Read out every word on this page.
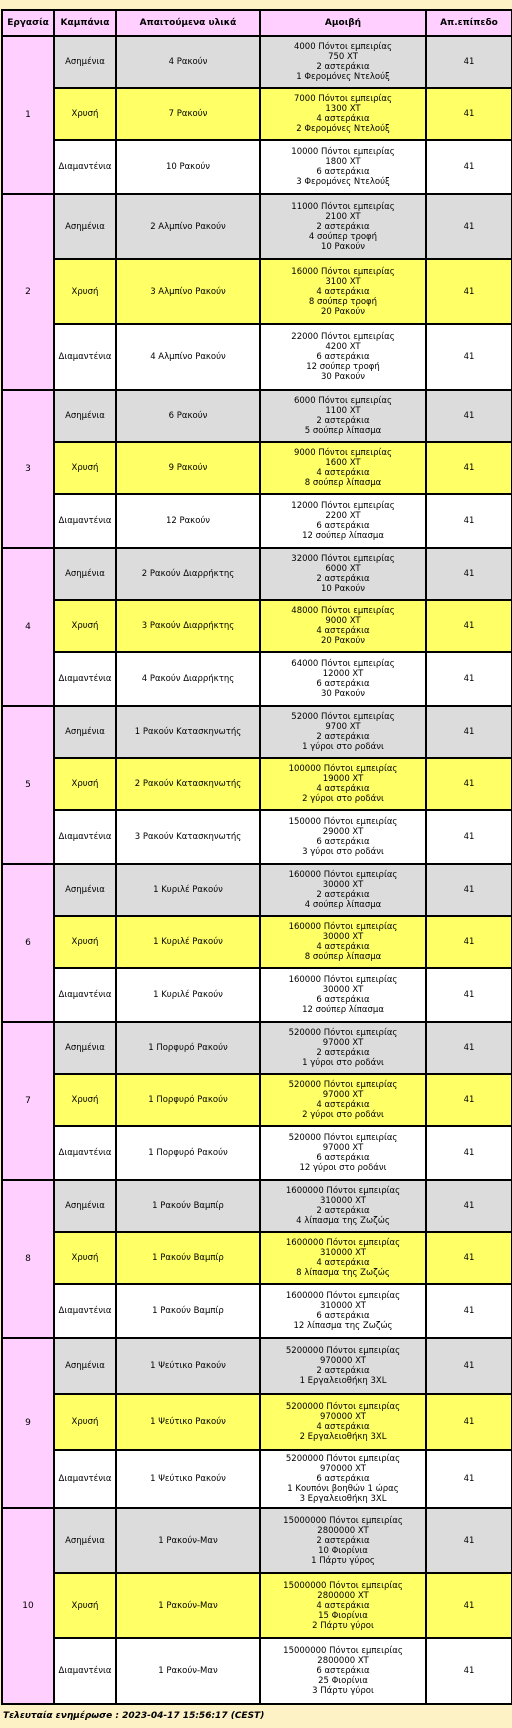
Εργασία	Καμπάνια	Απαιτούμενα υλικά	Αμοιβή	Απ.επίπεδο
1	Ασημένια	4 Ρακούν	4000 Πόντοι εμπειρίας
750 XT
2 αστεράκια
1 Φερομόνες Ντελούξ	41
	Χρυσή	7 Ρακούν	7000 Πόντοι εμπειρίας
1300 XT
4 αστεράκια
2 Φερομόνες Ντελούξ	41
	Διαμαντένια	10 Ρακούν	10000 Πόντοι εμπειρίας
1800 XT
6 αστεράκια
3 Φερομόνες Ντελούξ	41
2	Ασημένια	2 Αλμπίνο Ρακούν	11000 Πόντοι εμπειρίας
2100 XT
2 αστεράκια
4 σούπερ τροφή
10 Ρακούν	41
	Χρυσή	3 Αλμπίνο Ρακούν	16000 Πόντοι εμπειρίας
3100 XT
4 αστεράκια
8 σούπερ τροφή
20 Ρακούν	41
	Διαμαντένια	4 Αλμπίνο Ρακούν	22000 Πόντοι εμπειρίας
4200 XT
6 αστεράκια
12 σούπερ τροφή
30 Ρακούν	41
3	Ασημένια	6 Ρακούν	6000 Πόντοι εμπειρίας
1100 XT
2 αστεράκια
5 σούπερ λίπασμα	41
	Χρυσή	9 Ρακούν	9000 Πόντοι εμπειρίας
1600 XT
4 αστεράκια
8 σούπερ λίπασμα	41
	Διαμαντένια	12 Ρακούν	12000 Πόντοι εμπειρίας
2200 XT
6 αστεράκια
12 σούπερ λίπασμα	41
4	Ασημένια	2 Ρακούν Διαρρήκτης	32000 Πόντοι εμπειρίας
6000 XT
2 αστεράκια
10 Ρακούν	41
	Χρυσή	3 Ρακούν Διαρρήκτης	48000 Πόντοι εμπειρίας
9000 XT
4 αστεράκια
20 Ρακούν	41
	Διαμαντένια	4 Ρακούν Διαρρήκτης	64000 Πόντοι εμπειρίας
12000 XT
6 αστεράκια
30 Ρακούν	41
5	Ασημένια	1 Ρακούν Κατασκηνωτής	52000 Πόντοι εμπειρίας
9700 XT
2 αστεράκια
1 γύροι στο ροδάνι	41
	Χρυσή	2 Ρακούν Κατασκηνωτής	100000 Πόντοι εμπειρίας
19000 XT
4 αστεράκια
2 γύροι στο ροδάνι	41
	Διαμαντένια	3 Ρακούν Κατασκηνωτής	150000 Πόντοι εμπειρίας
29000 XT
6 αστεράκια
3 γύροι στο ροδάνι	41
6	Ασημένια	1 Κυριλέ Ρακούν	160000 Πόντοι εμπειρίας
30000 XT
2 αστεράκια
4 σούπερ λίπασμα	41
	Χρυσή	1 Κυριλέ Ρακούν	160000 Πόντοι εμπειρίας
30000 XT
4 αστεράκια
8 σούπερ λίπασμα	41
	Διαμαντένια	1 Κυριλέ Ρακούν	160000 Πόντοι εμπειρίας
30000 XT
6 αστεράκια
12 σούπερ λίπασμα	41
7	Ασημένια	1 Πορφυρό Ρακούν	520000 Πόντοι εμπειρίας
97000 XT
2 αστεράκια
1 γύροι στο ροδάνι	41
	Χρυσή	1 Πορφυρό Ρακούν	520000 Πόντοι εμπειρίας
97000 XT
4 αστεράκια
2 γύροι στο ροδάνι	41
	Διαμαντένια	1 Πορφυρό Ρακούν	520000 Πόντοι εμπειρίας
97000 XT
6 αστεράκια
12 γύροι στο ροδάνι	41
8	Ασημένια	1 Ρακούν Βαμπίρ	1600000 Πόντοι εμπειρίας
310000 XT
2 αστεράκια
4 λίπασμα της Ζωζώς	41
	Χρυσή	1 Ρακούν Βαμπίρ	1600000 Πόντοι εμπειρίας
310000 XT
4 αστεράκια
8 λίπασμα της Ζωζώς	41
	Διαμαντένια	1 Ρακούν Βαμπίρ	1600000 Πόντοι εμπειρίας
310000 XT
6 αστεράκια
12 λίπασμα της Ζωζώς	41
9	Ασημένια	1 Ψεύτικο Ρακούν	5200000 Πόντοι εμπειρίας
970000 XT
2 αστεράκια
1 Εργαλειοθήκη 3XL	41
	Χρυσή	1 Ψεύτικο Ρακούν	5200000 Πόντοι εμπειρίας
970000 XT
4 αστεράκια
2 Εργαλειοθήκη 3XL	41
	Διαμαντένια	1 Ψεύτικο Ρακούν	5200000 Πόντοι εμπειρίας
970000 XT
6 αστεράκια
1 Κουπόνι βοηθών 1 ώρας
3 Εργαλειοθήκη 3XL	41
10	Ασημένια	1 Ρακούν-Μαν	15000000 Πόντοι εμπειρίας
2800000 XT
2 αστεράκια
10 Φιορίνια
1 Πάρτυ γύρος	41
	Χρυσή	1 Ρακούν-Μαν	15000000 Πόντοι εμπειρίας
2800000 XT
4 αστεράκια
15 Φιορίνια
2 Πάρτυ γύροι	41
	Διαμαντένια	1 Ρακούν-Μαν	15000000 Πόντοι εμπειρίας
2800000 XT
6 αστεράκια
25 Φιορίνια
3 Πάρτυ γύροι	41
Τελευταία ενημέρωσe : 2023-04-17 15:56:17 (CEST)
